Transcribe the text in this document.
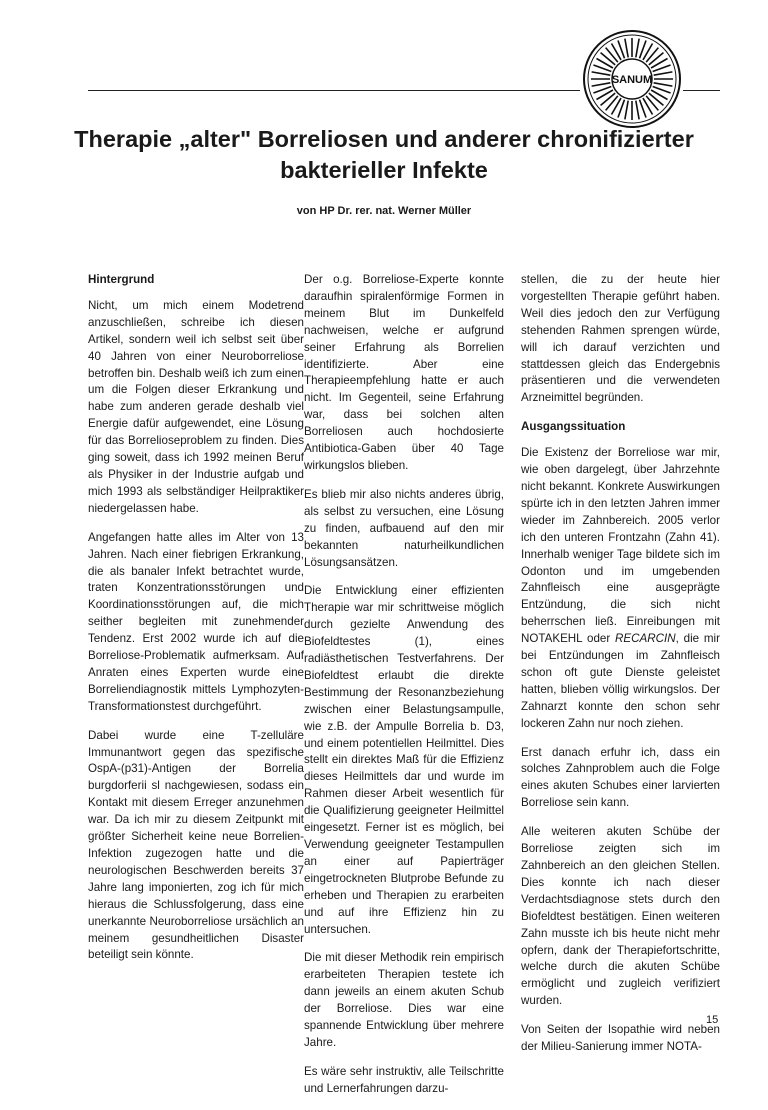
SANUM
Therapie „alter" Borreliosen und anderer chronifizierter bakterieller Infekte
von HP Dr. rer. nat. Werner Müller
Hintergrund

Nicht, um mich einem Modetrend anzuschließen, schreibe ich diesen Artikel, sondern weil ich selbst seit über 40 Jahren von einer Neuroborreliose betroffen bin. Deshalb weiß ich zum einen um die Folgen dieser Erkrankung und habe zum anderen gerade deshalb viel Energie dafür aufgewendet, eine Lösung für das Borrelioseproblem zu finden. Dies ging soweit, dass ich 1992 meinen Beruf als Physiker in der Industrie aufgab und mich 1993 als selbständiger Heilpraktiker niedergelassen habe.

Angefangen hatte alles im Alter von 13 Jahren. Nach einer fiebrigen Erkrankung, die als banaler Infekt betrachtet wurde, traten Konzentrationsstörungen und Koordinationsstörungen auf, die mich seither begleiten mit zunehmender Tendenz. Erst 2002 wurde ich auf die Borreliose-Problematik aufmerksam. Auf Anraten eines Experten wurde eine Borreliendiagnostik mittels Lymphozyten-Transformationstest durchgeführt.

Dabei wurde eine T-zelluläre Immunantwort gegen das spezifische OspA-(p31)-Antigen der Borrelia burgdorferii sl nachgewiesen, sodass ein Kontakt mit diesem Erreger anzunehmen war. Da ich mir zu diesem Zeitpunkt mit größter Sicherheit keine neue Borrelien-Infektion zugezogen hatte und die neurologischen Beschwerden bereits 37 Jahre lang imponierten, zog ich für mich hieraus die Schlussfolgerung, dass eine unerkannte Neuroborreliose ursächlich an meinem gesundheitlichen Disaster beteiligt sein könnte.

Der o.g. Borreliose-Experte konnte daraufhin spiralenförmige Formen in meinem Blut im Dunkelfeld nachweisen, welche er aufgrund seiner Erfahrung als Borrelien identifizierte. Aber eine Therapieempfehlung hatte er auch nicht. Im Gegenteil, seine Erfahrung war, dass bei solchen alten Borreliosen auch hochdosierte Antibiotica-Gaben über 40 Tage wirkungslos blieben.

Es blieb mir also nichts anderes übrig, als selbst zu versuchen, eine Lösung zu finden, aufbauend auf den mir bekannten naturheilkundlichen Lösungsansätzen.

Die Entwicklung einer effizienten Therapie war mir schrittweise möglich durch gezielte Anwendung des Biofeldtestes (1), eines radiästhetischen Testverfahrens. Der Biofeldtest erlaubt die direkte Bestimmung der Resonanzbeziehung zwischen einer Belastungsampulle, wie z.B. der Ampulle Borrelia b. D3, und einem potentiellen Heilmittel. Dies stellt ein direktes Maß für die Effizienz dieses Heilmittels dar und wurde im Rahmen dieser Arbeit wesentlich für die Qualifizierung geeigneter Heilmittel eingesetzt. Ferner ist es möglich, bei Verwendung geeigneter Testampullen an einer auf Papierträger eingetrockneten Blutprobe Befunde zu erheben und Therapien zu erarbeiten und auf ihre Effizienz hin zu untersuchen.

Die mit dieser Methodik rein empirisch erarbeiteten Therapien testete ich dann jeweils an einem akuten Schub der Borreliose. Dies war eine spannende Entwicklung über mehrere Jahre.

Es wäre sehr instruktiv, alle Teilschritte und Lernerfahrungen darzu-

stellen, die zu der heute hier vorgestellten Therapie geführt haben. Weil dies jedoch den zur Verfügung stehenden Rahmen sprengen würde, will ich darauf verzichten und stattdessen gleich das Endergebnis präsentieren und die verwendeten Arzneimittel begründen.

Ausgangssituation

Die Existenz der Borreliose war mir, wie oben dargelegt, über Jahrzehnte nicht bekannt. Konkrete Auswirkungen spürte ich in den letzten Jahren immer wieder im Zahnbereich. 2005 verlor ich den unteren Frontzahn (Zahn 41). Innerhalb weniger Tage bildete sich im Odonton und im umgebenden Zahnfleisch eine ausgeprägte Entzündung, die sich nicht beherrschen ließ. Einreibungen mit NOTAKEHL oder RECARCIN, die mir bei Entzündungen im Zahnfleisch schon oft gute Dienste geleistet hatten, blieben völlig wirkungslos. Der Zahnarzt konnte den schon sehr lockeren Zahn nur noch ziehen.

Erst danach erfuhr ich, dass ein solches Zahnproblem auch die Folge eines akuten Schubes einer larvierten Borreliose sein kann.

Alle weiteren akuten Schübe der Borreliose zeigten sich im Zahnbereich an den gleichen Stellen. Dies konnte ich nach dieser Verdachtsdiagnose stets durch den Biofeldtest bestätigen. Einen weiteren Zahn musste ich bis heute nicht mehr opfern, dank der Therapiefortschritte, welche durch die akuten Schübe ermöglicht und zugleich verifiziert wurden.

Von Seiten der Isopathie wird neben der Milieu-Sanierung immer NOTA-

15
